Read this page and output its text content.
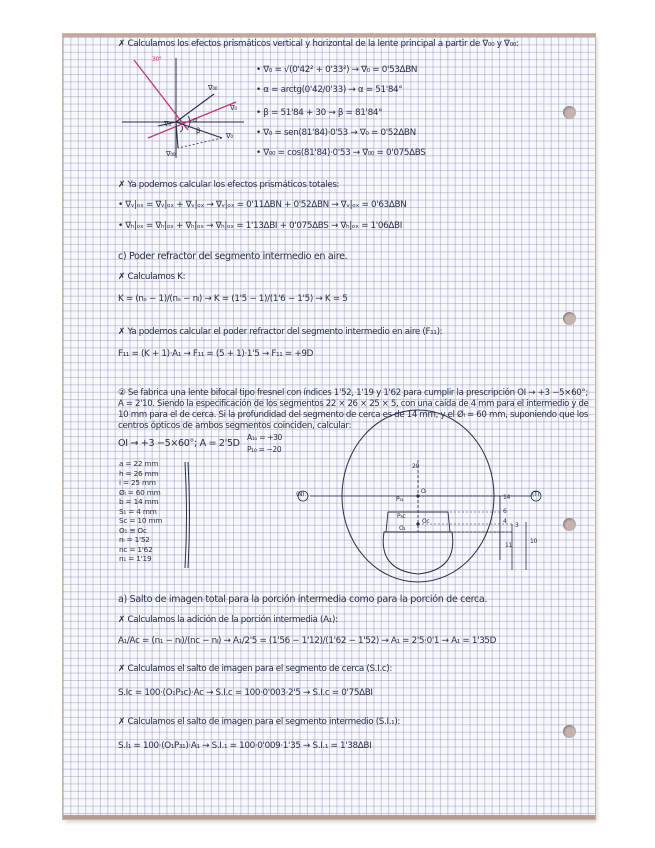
✗ Calculamos los efectos prismáticos vertical y horizontal de la lente principal a partir de ∇₀₀ y ∇₀₀:
30°
∇₀₀
∇₀₀
∇₀
∇₀
∇₀
α
β
• ∇₀ = √(0'42² + 0'33²) → ∇₀ = 0'53ΔBN
• α = arctg(0'42/0'33) → α = 51'84°
• β = 51'84 + 30 → β = 81'84°
• ∇₀ = sen(81'84)·0'53 → ∇₀ = 0'52ΔBN
• ∇₀₀ = cos(81'84)·0'53 → ∇₀₀ = 0'075ΔBS
✗ Ya podemos calcular los efectos prismáticos totales:
• ∇ᵥ|ₒₓ = ∇ᵥ|ₒₓ + ∇ᵥ|ₒₓ → ∇ᵥ|ₒₓ = 0'11ΔBN + 0'52ΔBN → ∇ᵥ|ₒₓ = 0'63ΔBN
• ∇ₕ|ₒₓ = ∇ₕ|ₒₓ + ∇ₕ|ₒₓ → ∇ₕ|ₒₓ = 1'13ΔBI + 0'075ΔBS → ∇ₕ|ₒₓ = 1'06ΔBI
c) Poder refractor del segmento intermedio en aire.
✗ Calculamos K:
K = (nₛ − 1)/(nₛ − nₗ) → K = (1'5 − 1)/(1'6 − 1'5) → K = 5
✗ Ya podemos calcular el poder refractor del segmento intermedio en aire (F₁₁):
F₁₁ = (K + 1)·A₁ → F₁₁ = (5 + 1)·1'5 → F₁₁ = +9D
② Se fabrica una lente bifocal tipo fresnel con índices 1'52, 1'19 y 1'62 para cumplir la prescripción OI → +3 −5×60°;
A = 2'10. Siendo la especificación de los segmentos 22 × 26 × 25 × 5, con una caída de 4 mm para el intermedio y de
10 mm para el de cerca. Si la profundidad del segmento de cerca es de 14 mm, y el Øₗ = 60 mm, suponiendo que los
centros ópticos de ambos segmentos coinciden, calcular:
OI → +3 −5×60°; A = 2'5D
A₁ₒ = +30
P₁₀ = −20
a = 22 mm
h = 26 mm
i = 25 mm
Øₗ = 60 mm
b = 14 mm
S₁ = 4 mm
Sᴄ = 10 mm
O₁ ≡ Oᴄ
nₗ = 1'52
nᴄ = 1'62
n₁ = 1'19
(N)	(T)
20
Oₗ
P₃₁
P₃ᴄ
O₁
Oᴄ
14
6
4
3
11
10
a) Salto de imagen total para la porción intermedia como para la porción de cerca.
✗ Calculamos la adición de la porción intermedia (A₁):
A₁/Aᴄ = (n₁ − nₗ)/(nᴄ − nₗ) → A₁/2'5 = (1'56 − 1'12)/(1'62 − 1'52) → A₁ = 2'5·0'1 → A₁ = 1'35D
✗ Calculamos el salto de imagen para el segmento de cerca (S.I.ᴄ):
S.Iᴄ = 100·(O₁P₃ᴄ)·Aᴄ → S.I.ᴄ = 100·0'003·2'5 → S.I.ᴄ = 0'75ΔBI
✗ Calculamos el salto de imagen para el segmento intermedio (S.I.₁):
S.I₁ = 100·(O₁P₃₁)·A₁ → S.I.₁ = 100·0'009·1'35 → S.I.₁ = 1'38ΔBI
